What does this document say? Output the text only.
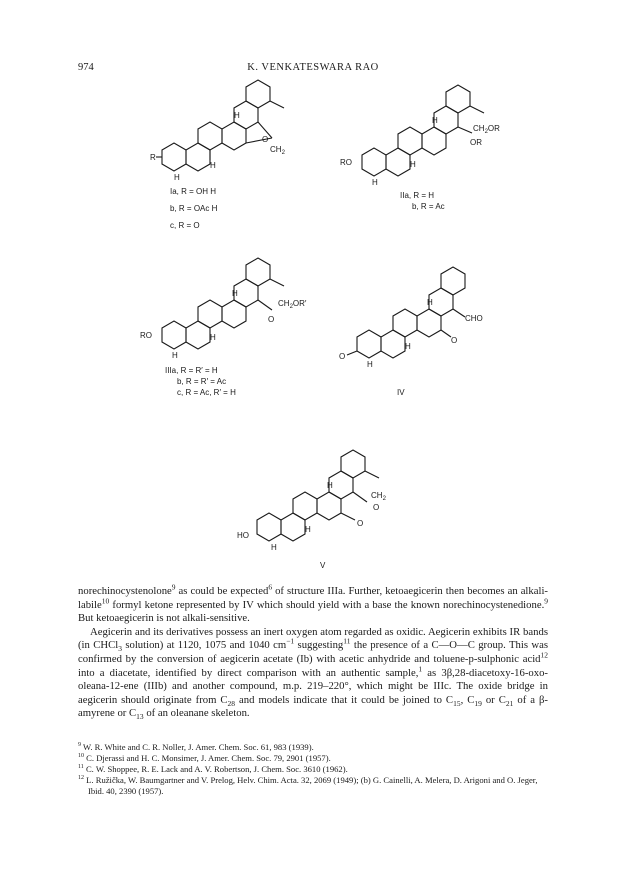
974	K. VENKATESWARA RAO
H
H
H
O
$CH_2$
R
Ia, R = OH H
b, R = OAc H
c, R = O
H
H
H
RO
$CH_2OR$
OR
IIa, R = H
b, R = Ac
H
H
H
RO
O
$CH_2OR'$
IIIa, R = R′ = H
b, R = R′ = Ac
c, R = Ac, R′ = H
H
H
H
O
O
CHO
IV
H
H
H
HO
O
O
$CH_2$
V

norechinocystenolone$^9$ as could be expected$^6$ of structure IIIa. Further, ketoaegicerin then becomes an alkali-labile$^{10}$ formyl ketone represented by IV which should yield with a base the known norechinocystenedione.$^9$ But ketoaegicerin is not alkali-sensitive.

Aegicerin and its derivatives possess an inert oxygen atom regarded as oxidic. Aegicerin exhibits IR bands (in CHCl$_3$ solution) at 1120, 1075 and 1040 $cm^{-1}$ suggesting$^{11}$ the presence of a C—O—C group. This was confirmed by the conversion of aegicerin acetate (Ib) with acetic anhydride and toluene-p-sulphonic acid$^{12}$ into a diacetate, identified by direct comparison with an authentic sample,$^1$ as 3β,28-diacetoxy-16-oxo-oleana-12-ene (IIIb) and another compound, m.p. 219–220°, which might be IIIc. The oxide bridge in aegicerin should originate from $C_{28}$ and models indicate that it could be joined to $C_{15}$, $C_{19}$ or $C_{21}$ of a β-amyrene or $C_{13}$ of an oleanane skeleton.

$^9$ W. R. White and C. R. Noller, J. Amer. Chem. Soc. 61, 983 (1939).

$^{10}$ C. Djerassi and H. C. Monsimer, J. Amer. Chem. Soc. 79, 2901 (1957).

$^{11}$ C. W. Shoppee, R. E. Lack and A. V. Robertson, J. Chem. Soc. 3610 (1962).

$^{12}$ L. Ružička, W. Baumgartner and V. Prelog, Helv. Chim. Acta. 32, 2069 (1949); (b) G. Cainelli, A. Melera, D. Arigoni and O. Jeger, Ibid. 40, 2390 (1957).
